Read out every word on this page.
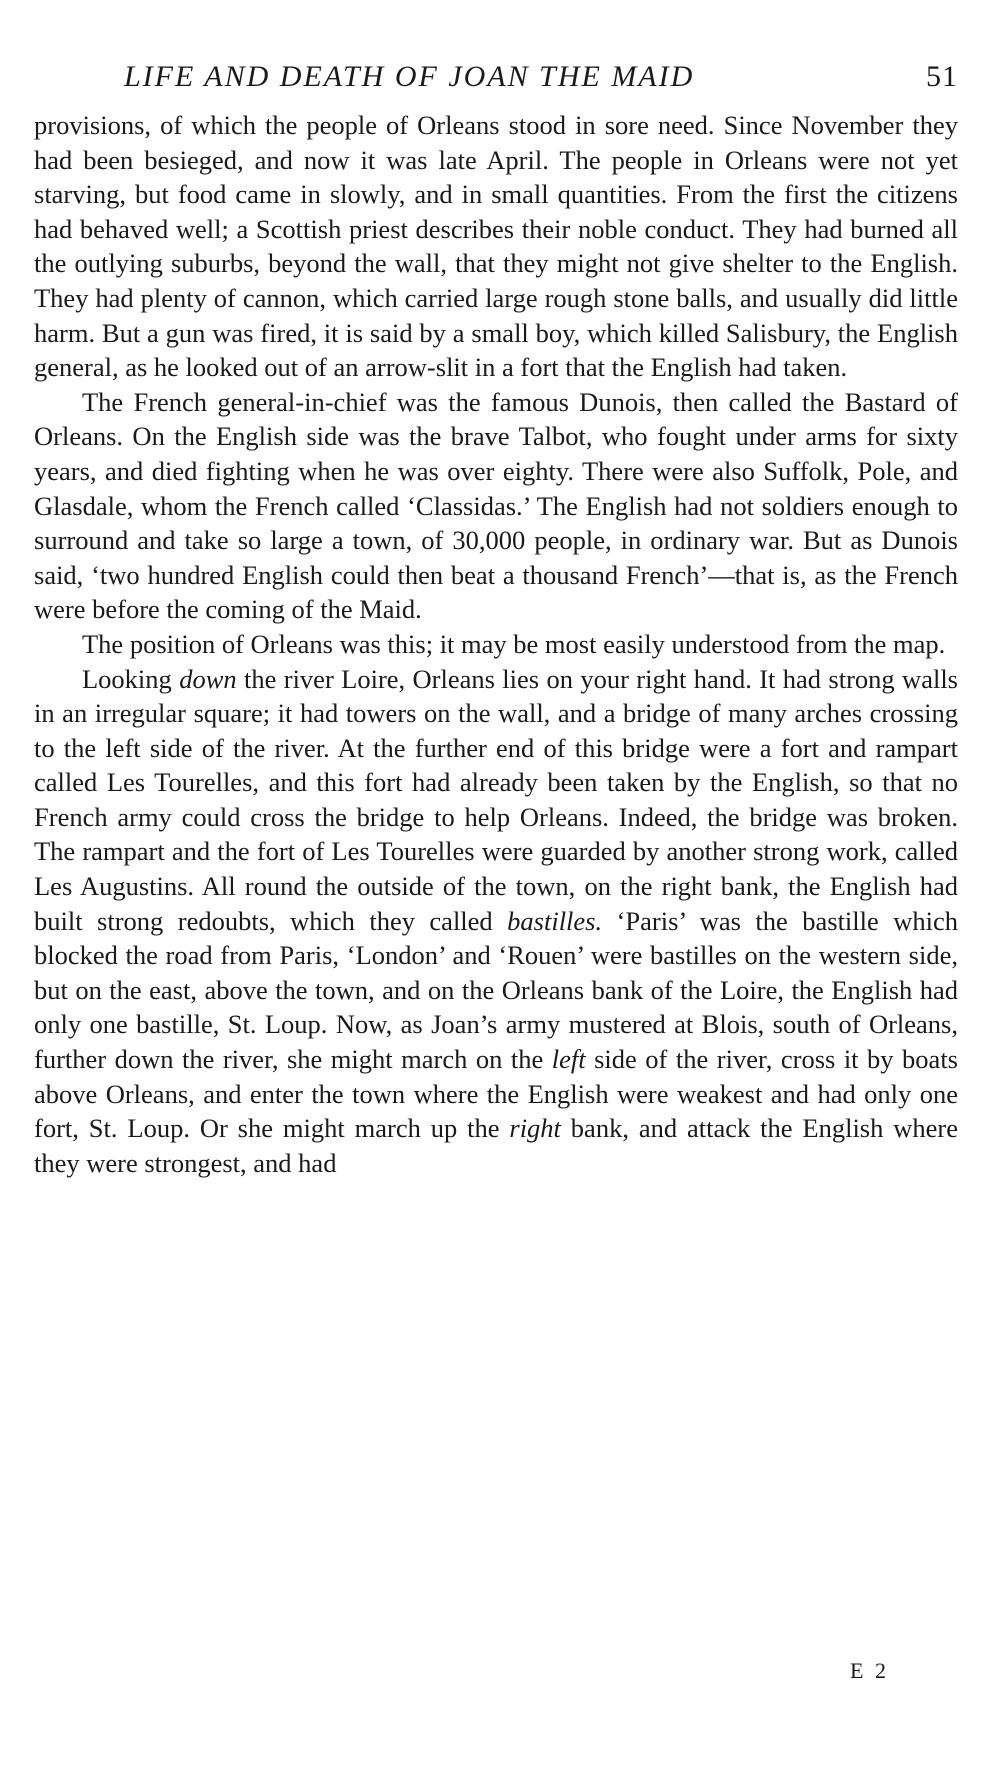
LIFE AND DEATH OF JOAN THE MAID	51

provisions, of which the people of Orleans stood in sore need. Since November they had been besieged, and now it was late April. The people in Orleans were not yet starving, but food came in slowly, and in small quantities. From the first the citizens had behaved well; a Scottish priest describes their noble conduct. They had burned all the outlying suburbs, beyond the wall, that they might not give shelter to the English. They had plenty of cannon, which carried large rough stone balls, and usually did little harm. But a gun was fired, it is said by a small boy, which killed Salisbury, the English general, as he looked out of an arrow-slit in a fort that the English had taken.

The French general-in-chief was the famous Dunois, then called the Bastard of Orleans. On the English side was the brave Talbot, who fought under arms for sixty years, and died fighting when he was over eighty. There were also Suffolk, Pole, and Glasdale, whom the French called ‘Classidas.’ The English had not soldiers enough to surround and take so large a town, of 30,000 people, in ordinary war. But as Dunois said, ‘two hundred English could then beat a thousand French’—that is, as the French were before the coming of the Maid.

The position of Orleans was this; it may be most easily understood from the map.

Looking down the river Loire, Orleans lies on your right hand. It had strong walls in an irregular square; it had towers on the wall, and a bridge of many arches crossing to the left side of the river. At the further end of this bridge were a fort and rampart called Les Tourelles, and this fort had already been taken by the English, so that no French army could cross the bridge to help Orleans. Indeed, the bridge was broken. The rampart and the fort of Les Tourelles were guarded by another strong work, called Les Augustins. All round the outside of the town, on the right bank, the English had built strong redoubts, which they called bastilles. ‘Paris’ was the bastille which blocked the road from Paris, ‘London’ and ‘Rouen’ were bastilles on the western side, but on the east, above the town, and on the Orleans bank of the Loire, the English had only one bastille, St. Loup. Now, as Joan’s army mustered at Blois, south of Orleans, further down the river, she might march on the left side of the river, cross it by boats above Orleans, and enter the town where the English were weakest and had only one fort, St. Loup. Or she might march up the right bank, and attack the English where they were strongest, and had

E 2
